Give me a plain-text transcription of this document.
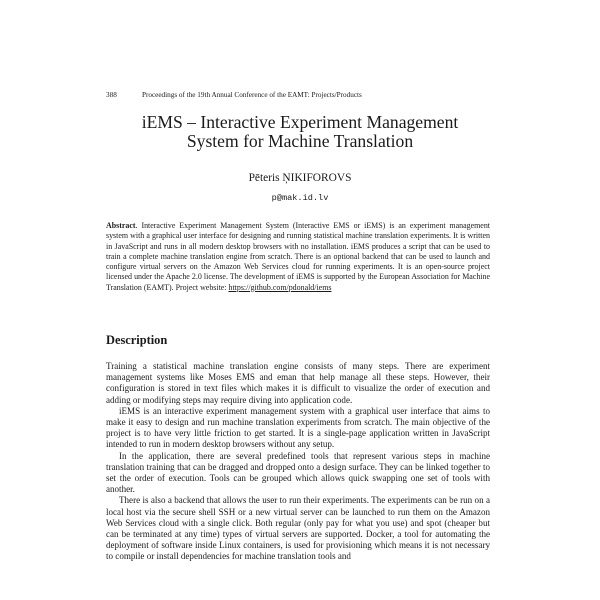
388	Proceedings of the 19th Annual Conference of the EAMT: Projects/Products
iEMS – Interactive Experiment Management
System for Machine Translation
Pēteris ŅIKIFOROVS
p@mak.id.lv
Abstract. Interactive Experiment Management System (Interactive EMS or iEMS) is an experiment management system with a graphical user interface for designing and running statistical machine translation experiments. It is written in JavaScript and runs in all modern desktop browsers with no installation. iEMS produces a script that can be used to train a complete machine translation engine from scratch. There is an optional backend that can be used to launch and configure virtual servers on the Amazon Web Services cloud for running experiments. It is an open-source project licensed under the Apache 2.0 license. The development of iEMS is supported by the European Association for Machine Translation (EAMT). Project website: https://github.com/pdonald/iems
Description

Training a statistical machine translation engine consists of many steps. There are experiment management systems like Moses EMS and eman that help manage all these steps. However, their configuration is stored in text files which makes it is difficult to visualize the order of execution and adding or modifying steps may require diving into application code.

iEMS is an interactive experiment management system with a graphical user interface that aims to make it easy to design and run machine translation experiments from scratch. The main objective of the project is to have very little friction to get started. It is a single-page application written in JavaScript intended to run in modern desktop browsers without any setup.

In the application, there are several predefined tools that represent various steps in machine translation training that can be dragged and dropped onto a design surface. They can be linked together to set the order of execution. Tools can be grouped which allows quick swapping one set of tools with another.

There is also a backend that allows the user to run their experiments. The experiments can be run on a local host via the secure shell SSH or a new virtual server can be launched to run them on the Amazon Web Services cloud with a single click. Both regular (only pay for what you use) and spot (cheaper but can be terminated at any time) types of virtual servers are supported. Docker, a tool for automating the deployment of software inside Linux containers, is used for provisioning which means it is not necessary to compile or install dependencies for machine translation tools and
